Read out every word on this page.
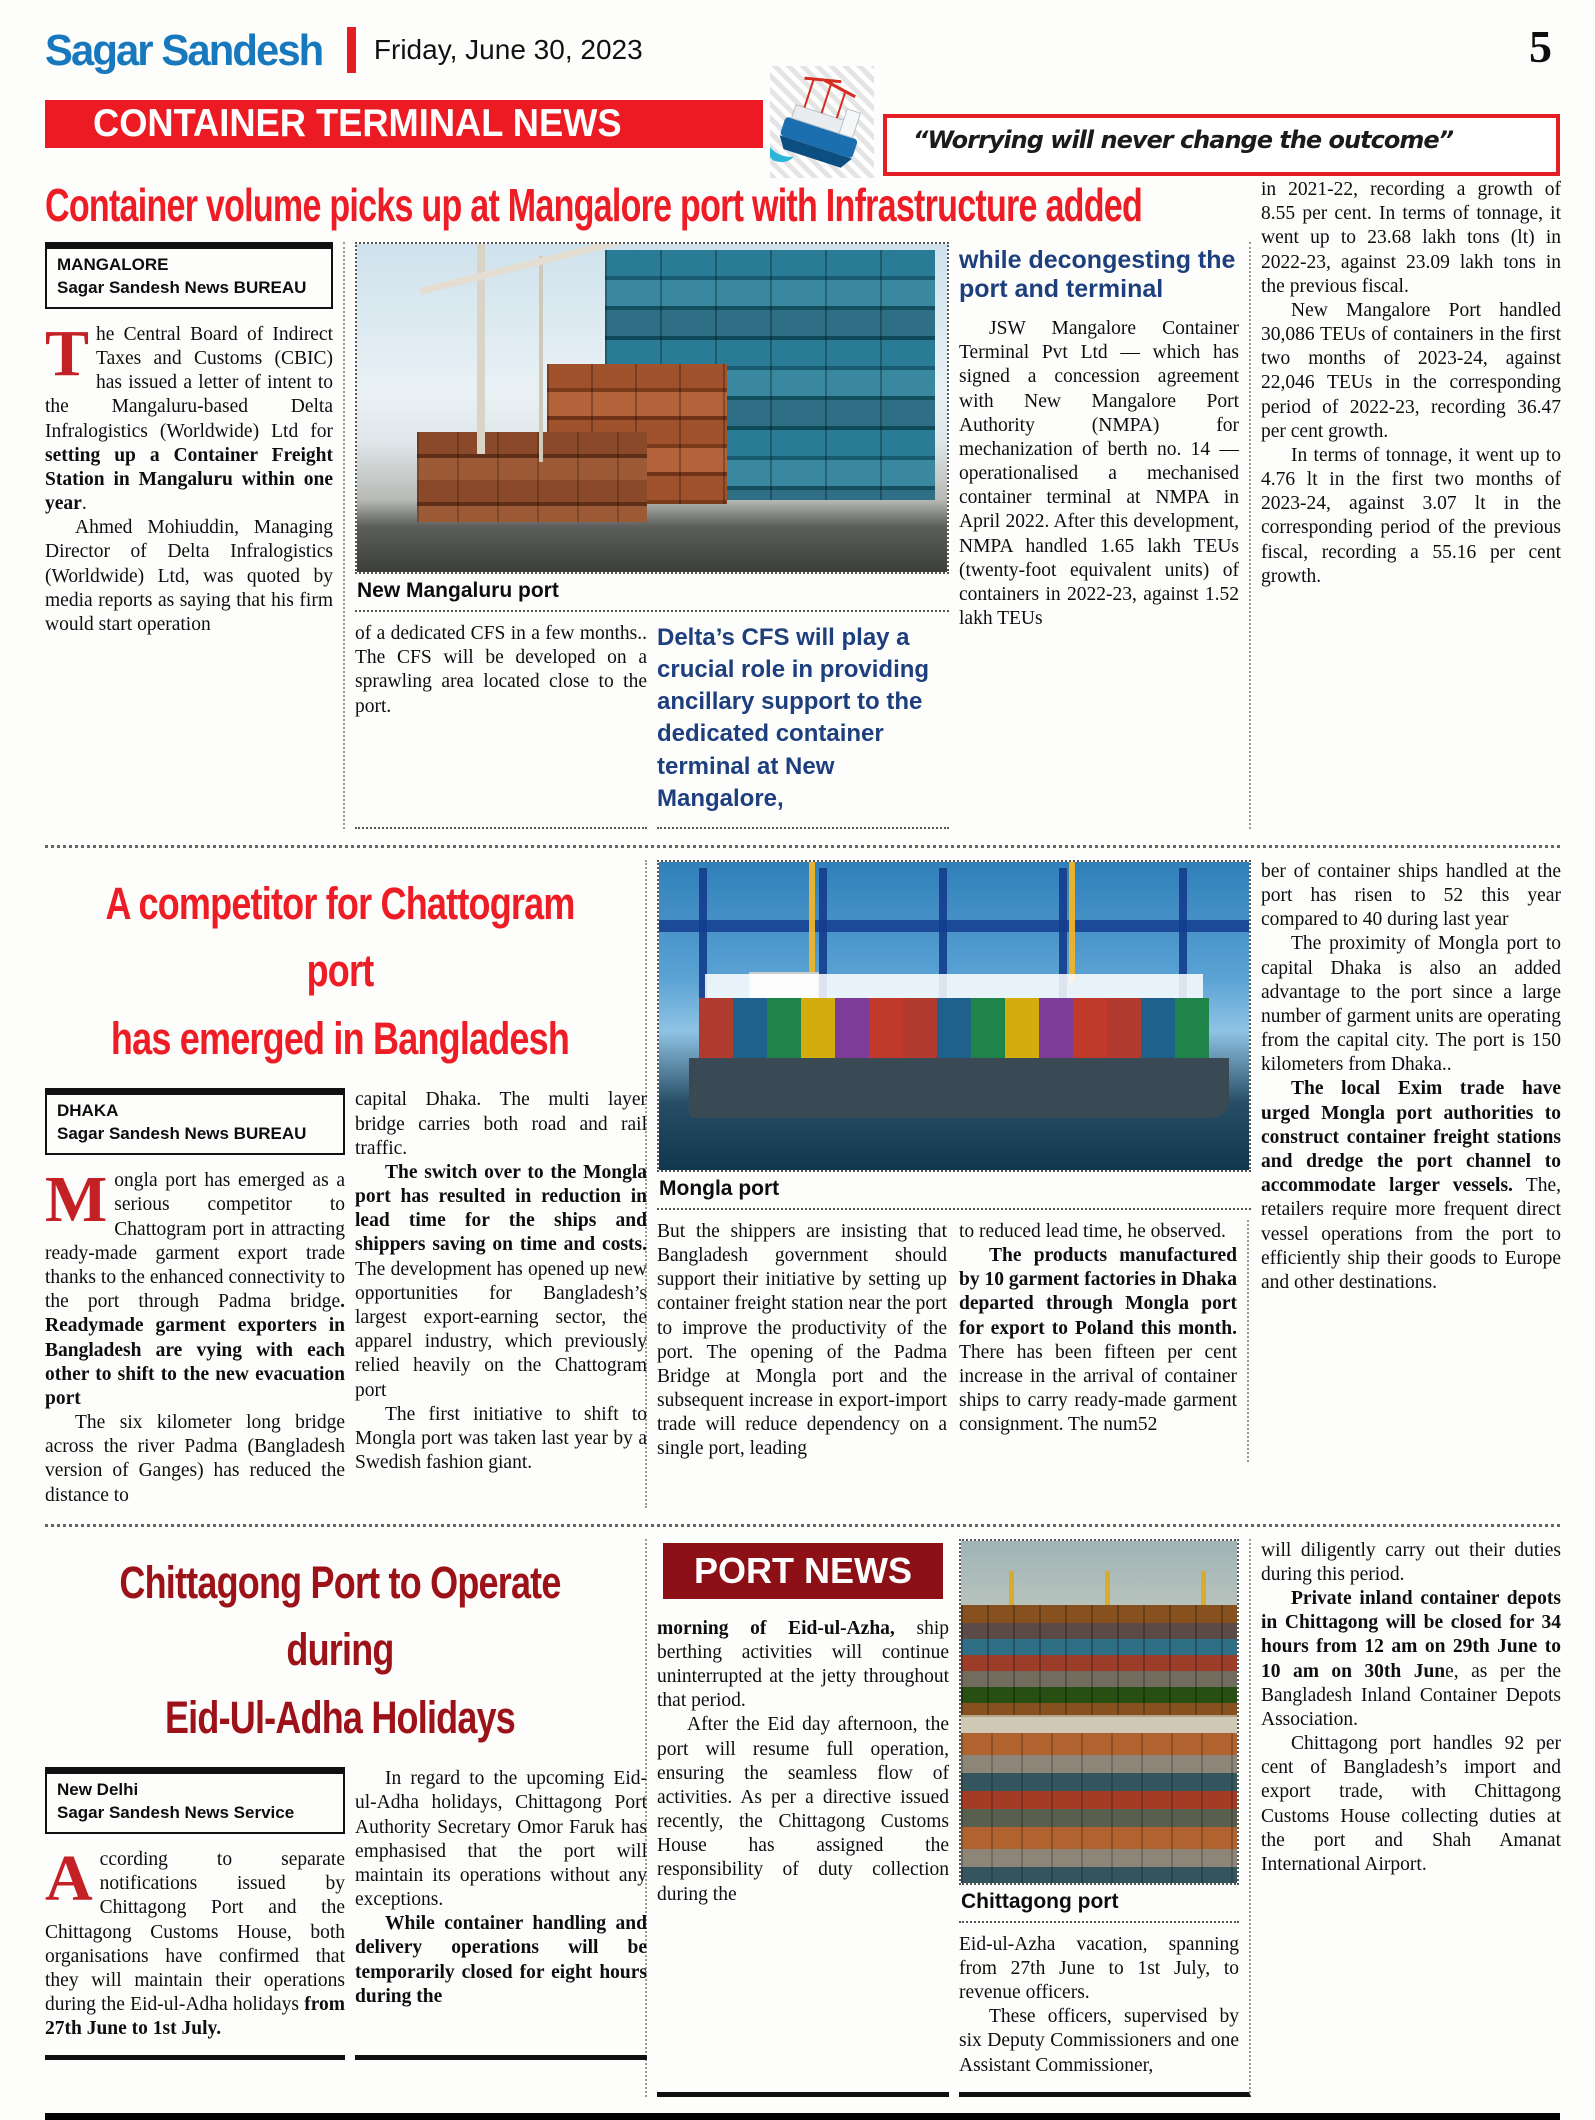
Sagar Sandesh Friday, June 30, 2023	5
CONTAINER TERMINAL NEWS	“Worrying will never change the outcome”
Container volume picks up at Mangalore port with Infrastructure added
MANGALORE
Sagar Sandesh News BUREAU

The Central Board of Indirect Taxes and Customs (CBIC) has issued a letter of intent to the Mangaluru-based Delta Infralogistics (Worldwide) Ltd for setting up a Container Freight Station in Mangaluru within one year.

Ahmed Mohiuddin, Managing Director of Delta Infralogistics (Worldwide) Ltd, was quoted by media reports as saying that his firm would start operation

New Mangaluru port

of a dedicated CFS in a few months.. The CFS will be developed on a sprawling area located close to the port.

Delta’s CFS will play a crucial role in providing ancillary support to the dedicated container terminal at New Mangalore,
while decongesting the port and terminal

JSW Mangalore Container Terminal Pvt Ltd — which has signed a concession agreement with New Mangalore Port Authority (NMPA) for mechanization of berth no. 14 — operationalised a mechanised container terminal at NMPA in April 2022. After this development, NMPA handled 1.65 lakh TEUs (twenty-foot equivalent units) of containers in 2022-23, against 1.52 lakh TEUs

in 2021-22, recording a growth of 8.55 per cent. In terms of tonnage, it went up to 23.68 lakh tons (lt) in 2022-23, against 23.09 lakh tons in the previous fiscal.

New Mangalore Port handled 30,086 TEUs of containers in the first two months of 2023-24, against 22,046 TEUs in the corresponding period of 2022-23, recording 36.47 per cent growth.

In terms of tonnage, it went up to 4.76 lt in the first two months of 2023-24, against 3.07 lt in the corresponding period of the previous fiscal, recording a 55.16 per cent growth.

A competitor for Chattogram port
has emerged in Bangladesh
DHAKA
Sagar Sandesh News BUREAU

Mongla port has emerged as a serious competitor to Chattogram port in attracting ready-made garment export trade thanks to the enhanced connectivity to the port through Padma bridge. Readymade garment exporters in Bangladesh are vying with each other to shift to the new evacuation port

The six kilometer long bridge across the river Padma (Bangladesh version of Ganges) has reduced the distance to

capital Dhaka. The multi layer bridge carries both road and rail traffic.

The switch over to the Mongla port has resulted in reduction in lead time for the ships and shippers saving on time and costs. The development has opened up new opportunities for Bangladesh’s largest export-earning sector, the apparel industry, which previously relied heavily on the Chattogram port

The first initiative to shift to Mongla port was taken last year by a Swedish fashion giant.

Mongla port

But the shippers are insisting that Bangladesh government should support their initiative by setting up container freight station near the port to improve the productivity of the port. The opening of the Padma Bridge at Mongla port and the subsequent increase in export-import trade will reduce dependency on a single port, leading

to reduced lead time, he observed.

The products manufactured by 10 garment factories in Dhaka departed through Mongla port for export to Poland this month. There has been fifteen per cent increase in the arrival of container ships to carry ready-made garment consignment. The num52

ber of container ships handled at the port has risen to 52 this year compared to 40 during last year

The proximity of Mongla port to capital Dhaka is also an added advantage to the port since a large number of garment units are operating from the capital city. The port is 150 kilometers from Dhaka..

The local Exim trade have urged Mongla port authorities to construct container freight stations and dredge the port channel to accommodate larger vessels. The, retailers require more frequent direct vessel operations from the port to efficiently ship their goods to Europe and other destinations.

Chittagong Port to Operate during
Eid-Ul-Adha Holidays
New Delhi
Sagar Sandesh News Service

According to separate notifications issued by Chittagong Port and the Chittagong Customs House, both organisations have confirmed that they will maintain their operations during the Eid-ul-Adha holidays from 27th June to 1st July.

In regard to the upcoming Eid-ul-Adha holidays, Chittagong Port Authority Secretary Omor Faruk has emphasised that the port will maintain its operations without any exceptions.

While container handling and delivery operations will be temporarily closed for eight hours during the

PORT NEWS

morning of Eid-ul-Azha, ship berthing activities will continue uninterrupted at the jetty throughout that period.

After the Eid day afternoon, the port will resume full operation, ensuring the seamless flow of activities. As per a directive issued recently, the Chittagong Customs House has assigned the responsibility of duty collection during the	Chittagong port

Eid-ul-Azha vacation, spanning from 27th June to 1st July, to revenue officers.

These officers, supervised by six Deputy Commissioners and one Assistant Commissioner,

will diligently carry out their duties during this period.

Private inland container depots in Chittagong will be closed for 34 hours from 12 am on 29th June to 10 am on 30th June, as per the Bangladesh Inland Container Depots Association.

Chittagong port handles 92 per cent of Bangladesh’s import and export trade, with Chittagong Customs House collecting duties at the port and Shah Amanat International Airport.
